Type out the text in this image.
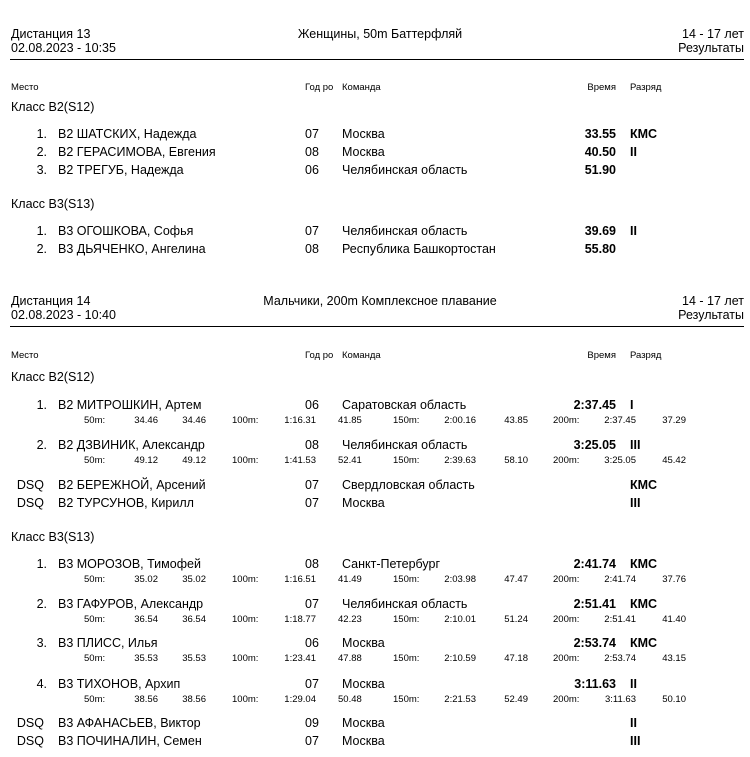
Дистанция 13
02.08.2023 - 10:35
Женщины, 50m Баттерфляй	14 - 17 лет
Результаты
Место	Год ро Команда	Время Разряд
Класс B2(S12)
1. В2 ШАТСКИХ, Надежда	07 Москва	33.55 КМС
2. В2 ГЕРАСИМОВА, Евгения	08 Москва	40.50 II
3. В2 ТРЕГУБ, Надежда	06 Челябинская область	51.90
Класс B3(S13)
1. В3 ОГОШКОВА, Софья	07 Челябинская область	39.69 II
2. В3 ДЬЯЧЕНКО, Ангелина	08 Республика Башкортостан	55.80
Дистанция 14
02.08.2023 - 10:40
Мальчики, 200m Комплексное плавание	14 - 17 лет
Результаты
Место	Год ро Команда	Время Разряд
Класс B2(S12)
1. В2 МИТРОШКИН, Артем	06 Саратовская область	2:37.45 I
50m:	34.46	34.46	100m:	1:16.31 41.85	150m:	2:00.16	43.85	200m:	2:37.45	37.29
2. В2 ДЗВИНИК, Александр	08 Челябинская область	3:25.05 III
50m:	49.12	49.12	100m:	1:41.53 52.41	150m:	2:39.63	58.10	200m:	3:25.05	45.42
DSQ В2 БЕРЕЖНОЙ, Арсений	07 Свердловская область	КМС
DSQ В2 ТУРСУНОВ, Кирилл	07 Москва	III
Класс B3(S13)
1. В3 МОРОЗОВ, Тимофей	08 Санкт-Петербург	2:41.74 КМС
50m:	35.02	35.02	100m:	1:16.51 41.49	150m:	2:03.98	47.47	200m:	2:41.74	37.76
2. В3 ГАФУРОВ, Александр	07 Челябинская область	2:51.41 КМС
50m:	36.54	36.54	100m:	1:18.77 42.23	150m:	2:10.01	51.24	200m:	2:51.41	41.40
3. В3 ПЛИСС, Илья	06 Москва	2:53.74 КМС
50m:	35.53	35.53	100m:	1:23.41 47.88	150m:	2:10.59	47.18	200m:	2:53.74	43.15
4. В3 ТИХОНОВ, Архип	07 Москва	3:11.63 II
50m:	38.56	38.56	100m:	1:29.04 50.48	150m:	2:21.53	52.49	200m:	3:11.63	50.10
DSQ В3 АФАНАСЬЕВ, Виктор	09 Москва	II
DSQ В3 ПОЧИНАЛИН, Семен	07 Москва	III
